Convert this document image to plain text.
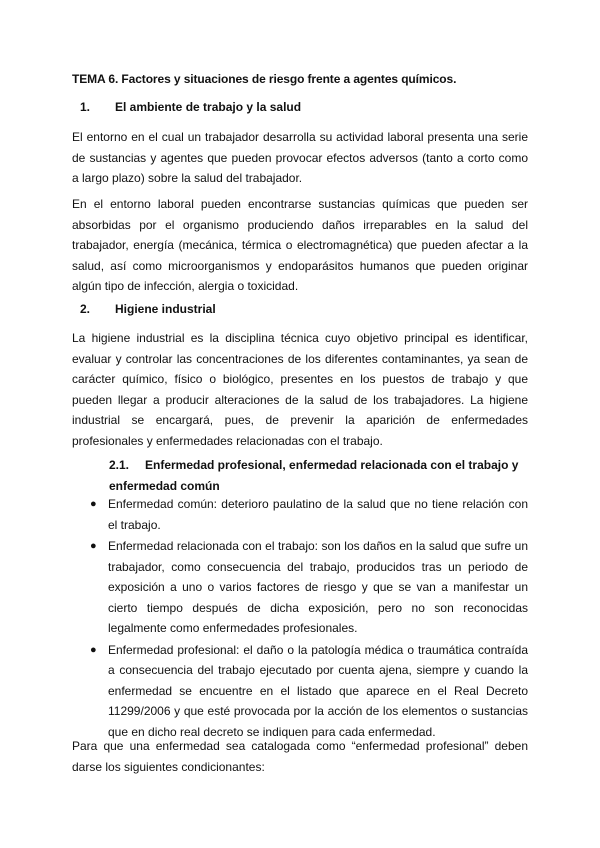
TEMA 6. Factores y situaciones de riesgo frente a agentes químicos.
1. El ambiente de trabajo y la salud
El entorno en el cual un trabajador desarrolla su actividad laboral presenta una serie de sustancias y agentes que pueden provocar efectos adversos (tanto a corto como a largo plazo) sobre la salud del trabajador.
En el entorno laboral pueden encontrarse sustancias químicas que pueden ser absorbidas por el organismo produciendo daños irreparables en la salud del trabajador, energía (mecánica, térmica o electromagnética) que pueden afectar a la salud, así como microorganismos y endoparásitos humanos que pueden originar algún tipo de infección, alergia o toxicidad.
2. Higiene industrial
La higiene industrial es la disciplina técnica cuyo objetivo principal es identificar, evaluar y controlar las concentraciones de los diferentes contaminantes, ya sean de carácter químico, físico o biológico, presentes en los puestos de trabajo y que pueden llegar a producir alteraciones de la salud de los trabajadores. La higiene industrial se encargará, pues, de prevenir la aparición de enfermedades profesionales y enfermedades relacionadas con el trabajo.
2.1. Enfermedad profesional, enfermedad relacionada con el trabajo y enfermedad común
● Enfermedad común: deterioro paulatino de la salud que no tiene relación con el trabajo.
● Enfermedad relacionada con el trabajo: son los daños en la salud que sufre un trabajador, como consecuencia del trabajo, producidos tras un periodo de exposición a uno o varios factores de riesgo y que se van a manifestar un cierto tiempo después de dicha exposición, pero no son reconocidas legalmente como enfermedades profesionales.
● Enfermedad profesional: el daño o la patología médica o traumática contraída a consecuencia del trabajo ejecutado por cuenta ajena, siempre y cuando la enfermedad se encuentre en el listado que aparece en el Real Decreto 11299/2006 y que esté provocada por la acción de los elementos o sustancias que en dicho real decreto se indiquen para cada enfermedad.
Para que una enfermedad sea catalogada como “enfermedad profesional” deben darse los siguientes condicionantes:
